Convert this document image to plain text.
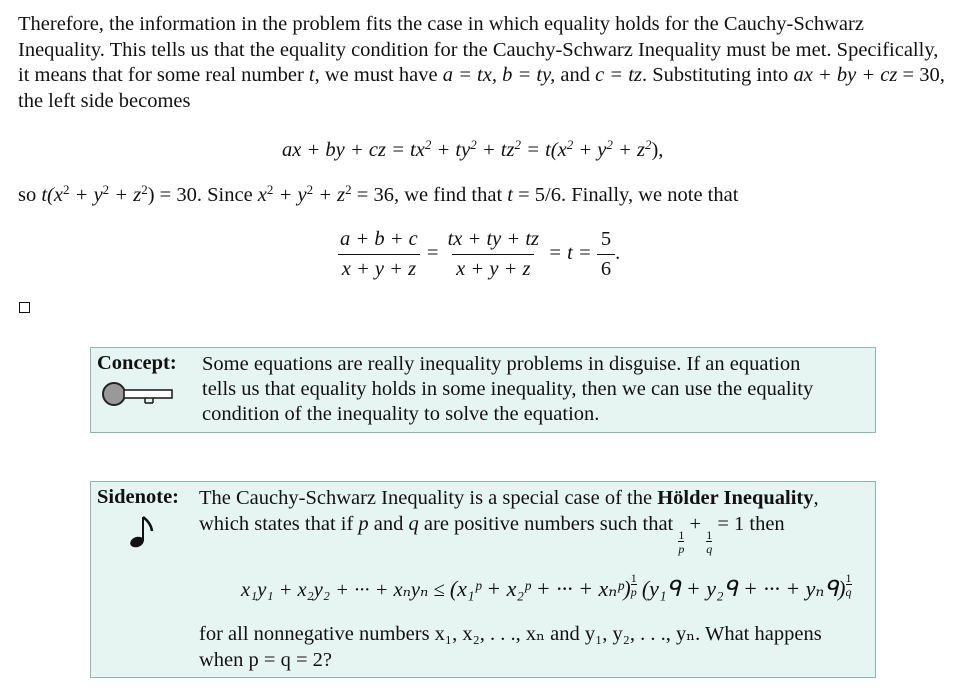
Therefore, the information in the problem fits the case in which equality holds for the Cauchy-Schwarz Inequality. This tells us that the equality condition for the Cauchy-Schwarz Inequality must be met. Specifically, it means that for some real number t, we must have a = tx, b = ty, and c = tz. Substituting into ax + by + cz = 30, the left side becomes
ax + by + cz = $tx^2 + ty^2 + tz^2 = t(x^2 + y^2 + z^2)$,
so $t(x^2 + y^2 + z^2) = 30$. Since $x^2 + y^2 + z^2 = 36$, we find that t = 5/6. Finally, we note that
$\frac{a + b + c}{x + y + z} = \frac{tx + ty + tz}{x + y + z} = t = \frac{5}{6}$ .
Concept: Some equations are really inequality problems in disguise. If an equation
tells us that equality holds in some inequality, then we can use the equality
condition of the inequality to solve the equation.
Sidenote: The Cauchy-Schwarz Inequality is a special case of the Hölder Inequality,
which states that if p and q are positive numbers such that
$\frac{1}{p}$
+
$\frac{1}{q}$
= 1 then
x₁y₁ + x₂y₂ + ··· + xₙyₙ ≤ (x₁ᵖ + x₂ᵖ + ··· + xₙᵖ) $\frac{1}{p}$ (y₁ᑫ + y₂ᑫ + ··· + yₙᑫ) $\frac{1}{q}$
for all nonnegative numbers x₁, x₂, . . ., xₙ and y₁, y₂, . . ., yₙ. What happens
when p = q = 2?
